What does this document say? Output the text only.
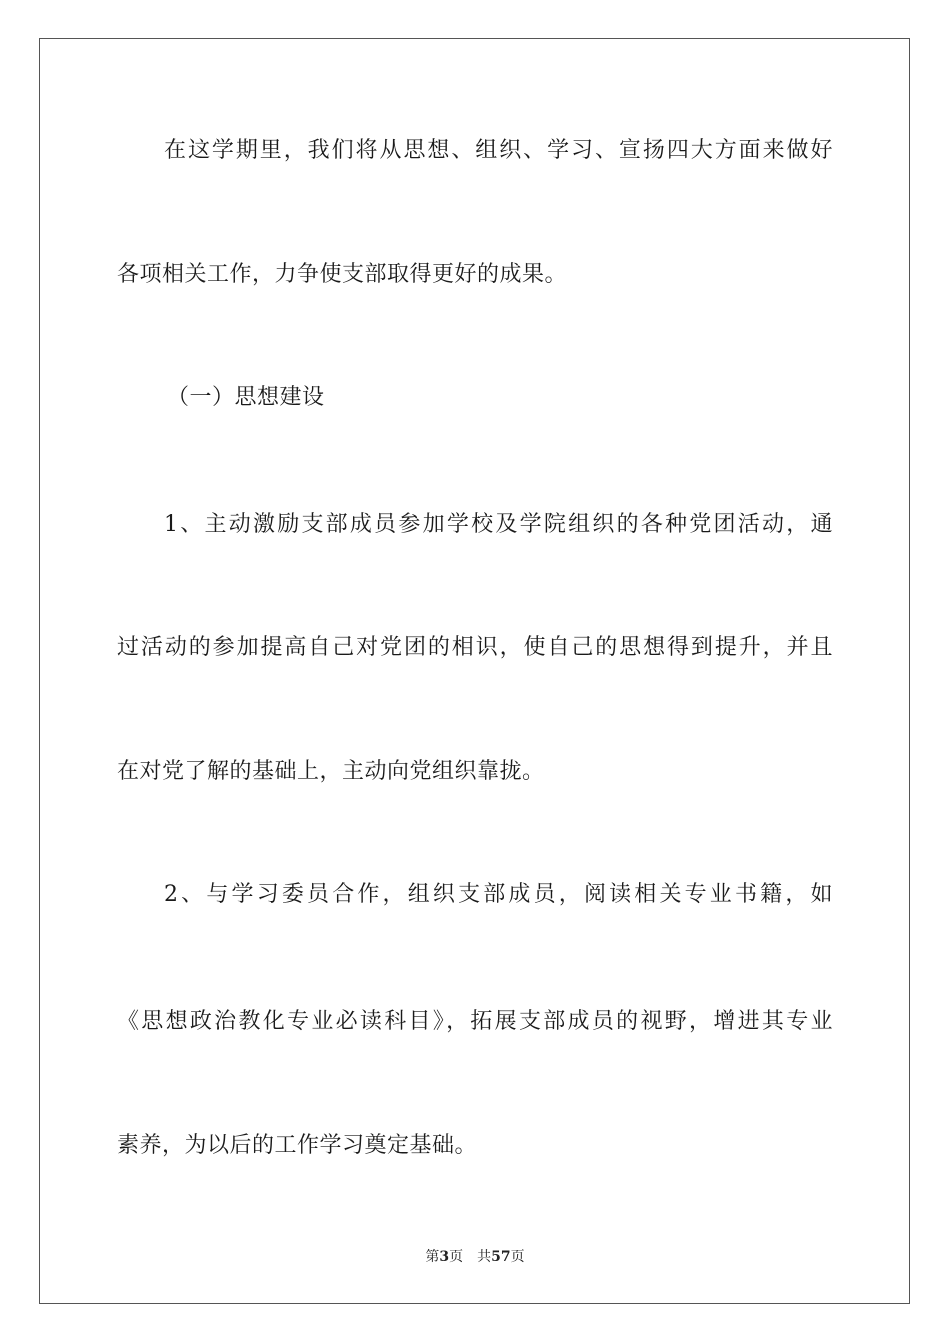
在这学期里，我们将从思想、组织、学习、宣扬四大方面来做好
各项相关工作，力争使支部取得更好的成果。
（一）思想建设
1、主动激励支部成员参加学校及学院组织的各种党团活动，通
过活动的参加提高自己对党团的相识，使自己的思想得到提升，并且
在对党了解的基础上，主动向党组织靠拢。
2、与学习委员合作，组织支部成员，阅读相关专业书籍，如
《思想政治教化专业必读科目》，拓展支部成员的视野，增进其专业
素养，为以后的工作学习奠定基础。
第3页 共57页
